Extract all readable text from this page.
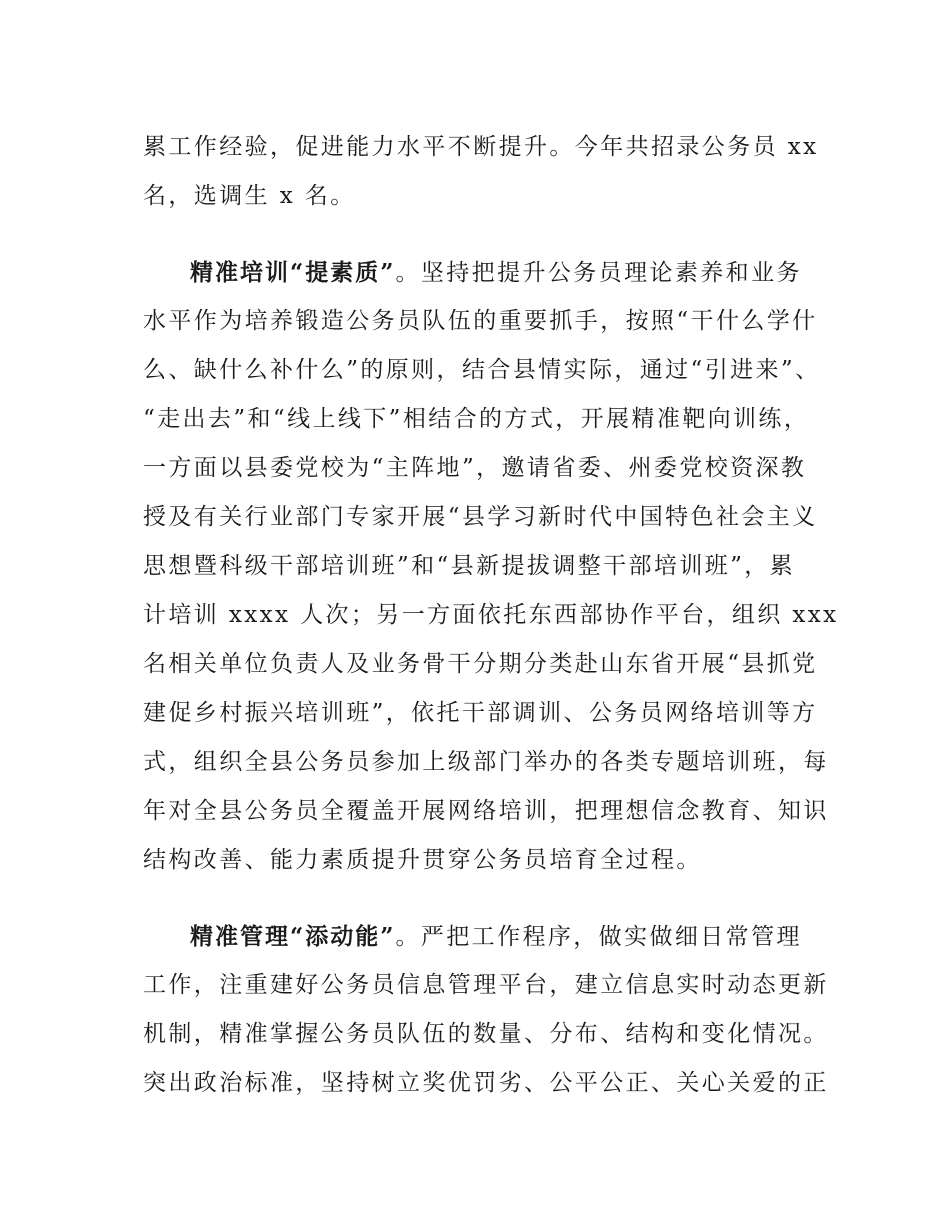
累工作经验，促进能力水平不断提升。今年共招录公务员 xx
名，选调生 x 名。
精准培训“提素质”。坚持把提升公务员理论素养和业务
水平作为培养锻造公务员队伍的重要抓手，按照“干什么学什
么、缺什么补什么”的原则，结合县情实际，通过“引进来”、
“走出去”和“线上线下”相结合的方式，开展精准靶向训练，
一方面以县委党校为“主阵地”，邀请省委、州委党校资深教
授及有关行业部门专家开展“县学习新时代中国特色社会主义
思想暨科级干部培训班”和“县新提拔调整干部培训班”，累
计培训 xxxx 人次；另一方面依托东西部协作平台，组织 xxx
名相关单位负责人及业务骨干分期分类赴山东省开展“县抓党
建促乡村振兴培训班”，依托干部调训、公务员网络培训等方
式，组织全县公务员参加上级部门举办的各类专题培训班，每
年对全县公务员全覆盖开展网络培训，把理想信念教育、知识
结构改善、能力素质提升贯穿公务员培育全过程。
精准管理“添动能”。严把工作程序，做实做细日常管理
工作，注重建好公务员信息管理平台，建立信息实时动态更新
机制，精准掌握公务员队伍的数量、分布、结构和变化情况。
突出政治标准，坚持树立奖优罚劣、公平公正、关心关爱的正
